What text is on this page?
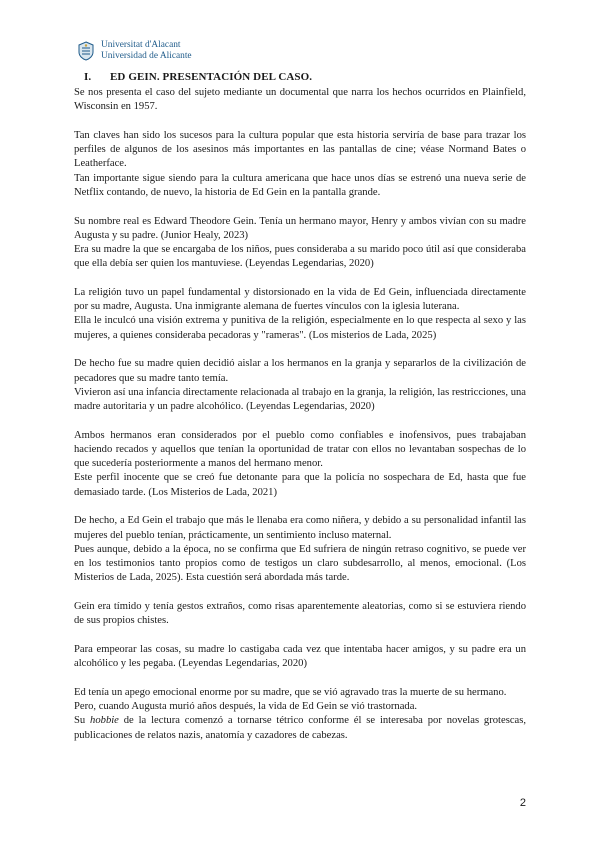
Universitat d'Alacant
Universidad de Alicante
I. ED GEIN. PRESENTACIÓN DEL CASO.

Se nos presenta el caso del sujeto mediante un documental que narra los hechos ocurridos en Plainfield, Wisconsin en 1957.

Tan claves han sido los sucesos para la cultura popular que esta historia serviría de base para trazar los perfiles de algunos de los asesinos más importantes en las pantallas de cine; véase Normand Bates o Leatherface.
Tan importante sigue siendo para la cultura americana que hace unos días se estrenó una nueva serie de Netflix contando, de nuevo, la historia de Ed Gein en la pantalla grande.

Su nombre real es Edward Theodore Gein. Tenía un hermano mayor, Henry y ambos vivían con su madre Augusta y su padre. (Junior Healy, 2023)
Era su madre la que se encargaba de los niños, pues consideraba a su marido poco útil así que consideraba que ella debía ser quien los mantuviese. (Leyendas Legendarias, 2020)

La religión tuvo un papel fundamental y distorsionado en la vida de Ed Gein, influenciada directamente por su madre, Augusta. Una inmigrante alemana de fuertes vínculos con la iglesia luterana.
Ella le inculcó una visión extrema y punitiva de la religión, especialmente en lo que respecta al sexo y las mujeres, a quienes consideraba pecadoras y "rameras". (Los misterios de Lada, 2025)

De hecho fue su madre quien decidió aislar a los hermanos en la granja y separarlos de la civilización de pecadores que su madre tanto temía.
Vivieron así una infancia directamente relacionada al trabajo en la granja, la religión, las restricciones, una madre autoritaria y un padre alcohólico. (Leyendas Legendarias, 2020)

Ambos hermanos eran considerados por el pueblo como confiables e inofensivos, pues trabajaban haciendo recados y aquellos que tenían la oportunidad de tratar con ellos no levantaban sospechas de lo que sucedería posteriormente a manos del hermano menor.
Este perfil inocente que se creó fue detonante para que la policía no sospechara de Ed, hasta que fue demasiado tarde. (Los Misterios de Lada, 2021)

De hecho, a Ed Gein el trabajo que más le llenaba era como niñera, y debido a su personalidad infantil las mujeres del pueblo tenían, prácticamente, un sentimiento incluso maternal.
Pues aunque, debido a la época, no se confirma que Ed sufriera de ningún retraso cognitivo, se puede ver en los testimonios tanto propios como de testigos un claro subdesarrollo, al menos, emocional. (Los Misterios de Lada, 2025). Esta cuestión será abordada más tarde.

Gein era tímido y tenía gestos extraños, como risas aparentemente aleatorias, como si se estuviera riendo de sus propios chistes.

Para empeorar las cosas, su madre lo castigaba cada vez que intentaba hacer amigos, y su padre era un alcohólico y les pegaba. (Leyendas Legendarias, 2020)

Ed tenía un apego emocional enorme por su madre, que se vió agravado tras la muerte de su hermano.
Pero, cuando Augusta murió años después, la vida de Ed Gein se vió trastornada.
Su hobbie de la lectura comenzó a tornarse tétrico conforme él se interesaba por novelas grotescas, publicaciones de relatos nazis, anatomía y cazadores de cabezas.

2
